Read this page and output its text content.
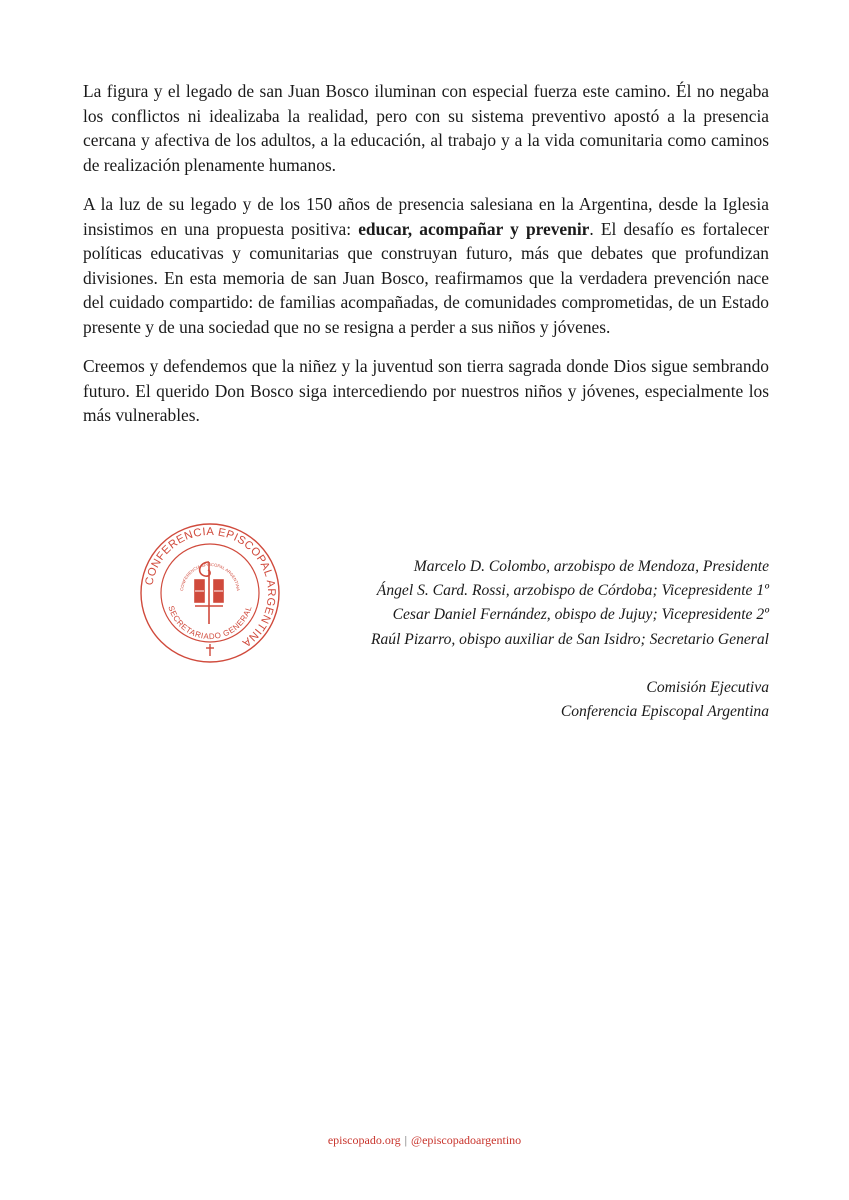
La figura y el legado de san Juan Bosco iluminan con especial fuerza este camino. Él no negaba los conflictos ni idealizaba la realidad, pero con su sistema preventivo apostó a la presencia cercana y afectiva de los adultos, a la educación, al trabajo y a la vida comunitaria como caminos de realización plenamente humanos.

A la luz de su legado y de los 150 años de presencia salesiana en la Argentina, desde la Iglesia insistimos en una propuesta positiva: educar, acompañar y prevenir. El desafío es fortalecer políticas educativas y comunitarias que construyan futuro, más que debates que profundizan divisiones. En esta memoria de san Juan Bosco, reafirmamos que la verdadera prevención nace del cuidado compartido: de familias acompañadas, de comunidades comprometidas, de un Estado presente y de una sociedad que no se resigna a perder a sus niños y jóvenes.

Creemos y defendemos que la niñez y la juventud son tierra sagrada donde Dios sigue sembrando futuro. El querido Don Bosco siga intercediendo por nuestros niños y jóvenes, especialmente los más vulnerables.

CONFERENCIA EPISCOPAL ARGENTINA
SECRETARIADO GENERAL
CONFERENCIA EPISCOPAL ARGENTINA
Marcelo D. Colombo, arzobispo de Mendoza, Presidente
Ángel S. Card. Rossi, arzobispo de Córdoba; Vicepresidente 1º
Cesar Daniel Fernández, obispo de Jujuy; Vicepresidente 2º
Raúl Pizarro, obispo auxiliar de San Isidro; Secretario General
Comisión Ejecutiva
Conferencia Episcopal Argentina
episcopado.org | @episcopadoargentino
